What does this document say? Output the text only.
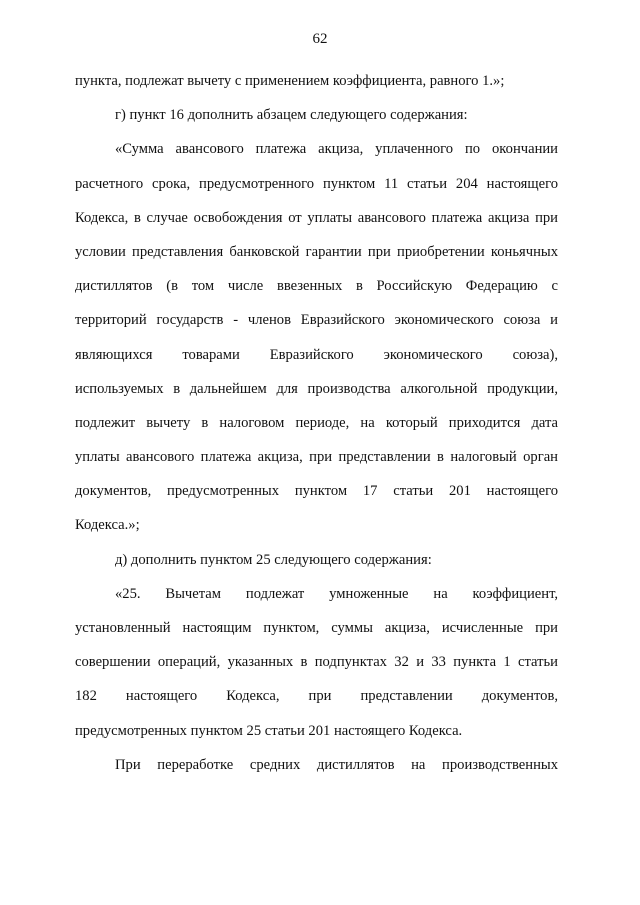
62
пункта, подлежат вычету с применением коэффициента, равного 1.»;
г) пункт 16 дополнить абзацем следующего содержания:
«Сумма авансового платежа акциза, уплаченного по окончании
расчетного срока, предусмотренного пунктом 11 статьи 204 настоящего
Кодекса, в случае освобождения от уплаты авансового платежа акциза при
условии представления банковской гарантии при приобретении коньячных
дистиллятов (в том числе ввезенных в Российскую Федерацию с
территорий государств - членов Евразийского экономического союза и
являющихся товарами Евразийского экономического союза),
используемых в дальнейшем для производства алкогольной продукции,
подлежит вычету в налоговом периоде, на который приходится дата
уплаты авансового платежа акциза, при представлении в налоговый орган
документов, предусмотренных пунктом 17 статьи 201 настоящего
Кодекса.»;
д) дополнить пунктом 25 следующего содержания:
«25. Вычетам подлежат умноженные на коэффициент,
установленный настоящим пунктом, суммы акциза, исчисленные при
совершении операций, указанных в подпунктах 32 и 33 пункта 1 статьи
182 настоящего Кодекса, при представлении документов,
предусмотренных пунктом 25 статьи 201 настоящего Кодекса.
При переработке средних дистиллятов на производственных
